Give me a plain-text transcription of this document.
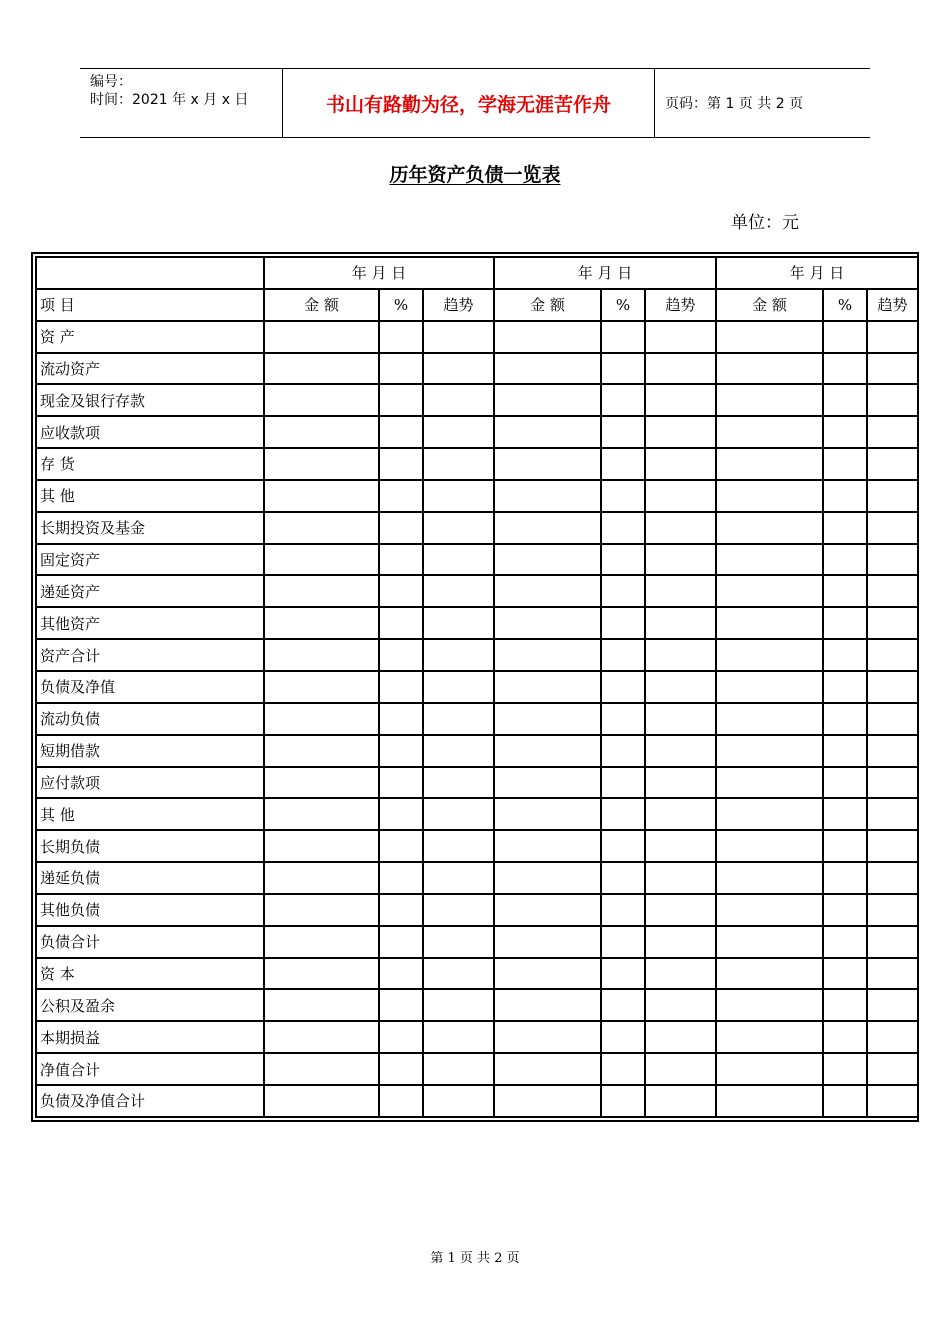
编号：
时间：2021 年 x 月 x 日	书山有路勤为径，学海无涯苦作舟	页码：第 1 页 共 2 页
历年资产负债一览表
单位：元
	年 月 日			年 月 日			年 月 日		
项 目	金 额	%	趋势	金 额	%	趋势	金 额	%	趋势
资 产									
流动资产									
现金及银行存款									
应收款项									
存 货									
其 他									
长期投资及基金									
固定资产									
递延资产									
其他资产									
资产合计									
负债及净值									
流动负债									
短期借款									
应付款项									
其 他									
长期负债									
递延负债									
其他负债									
负债合计									
资 本									
公积及盈余									
本期损益									
净值合计									
负债及净值合计									
第 1 页 共 2 页
